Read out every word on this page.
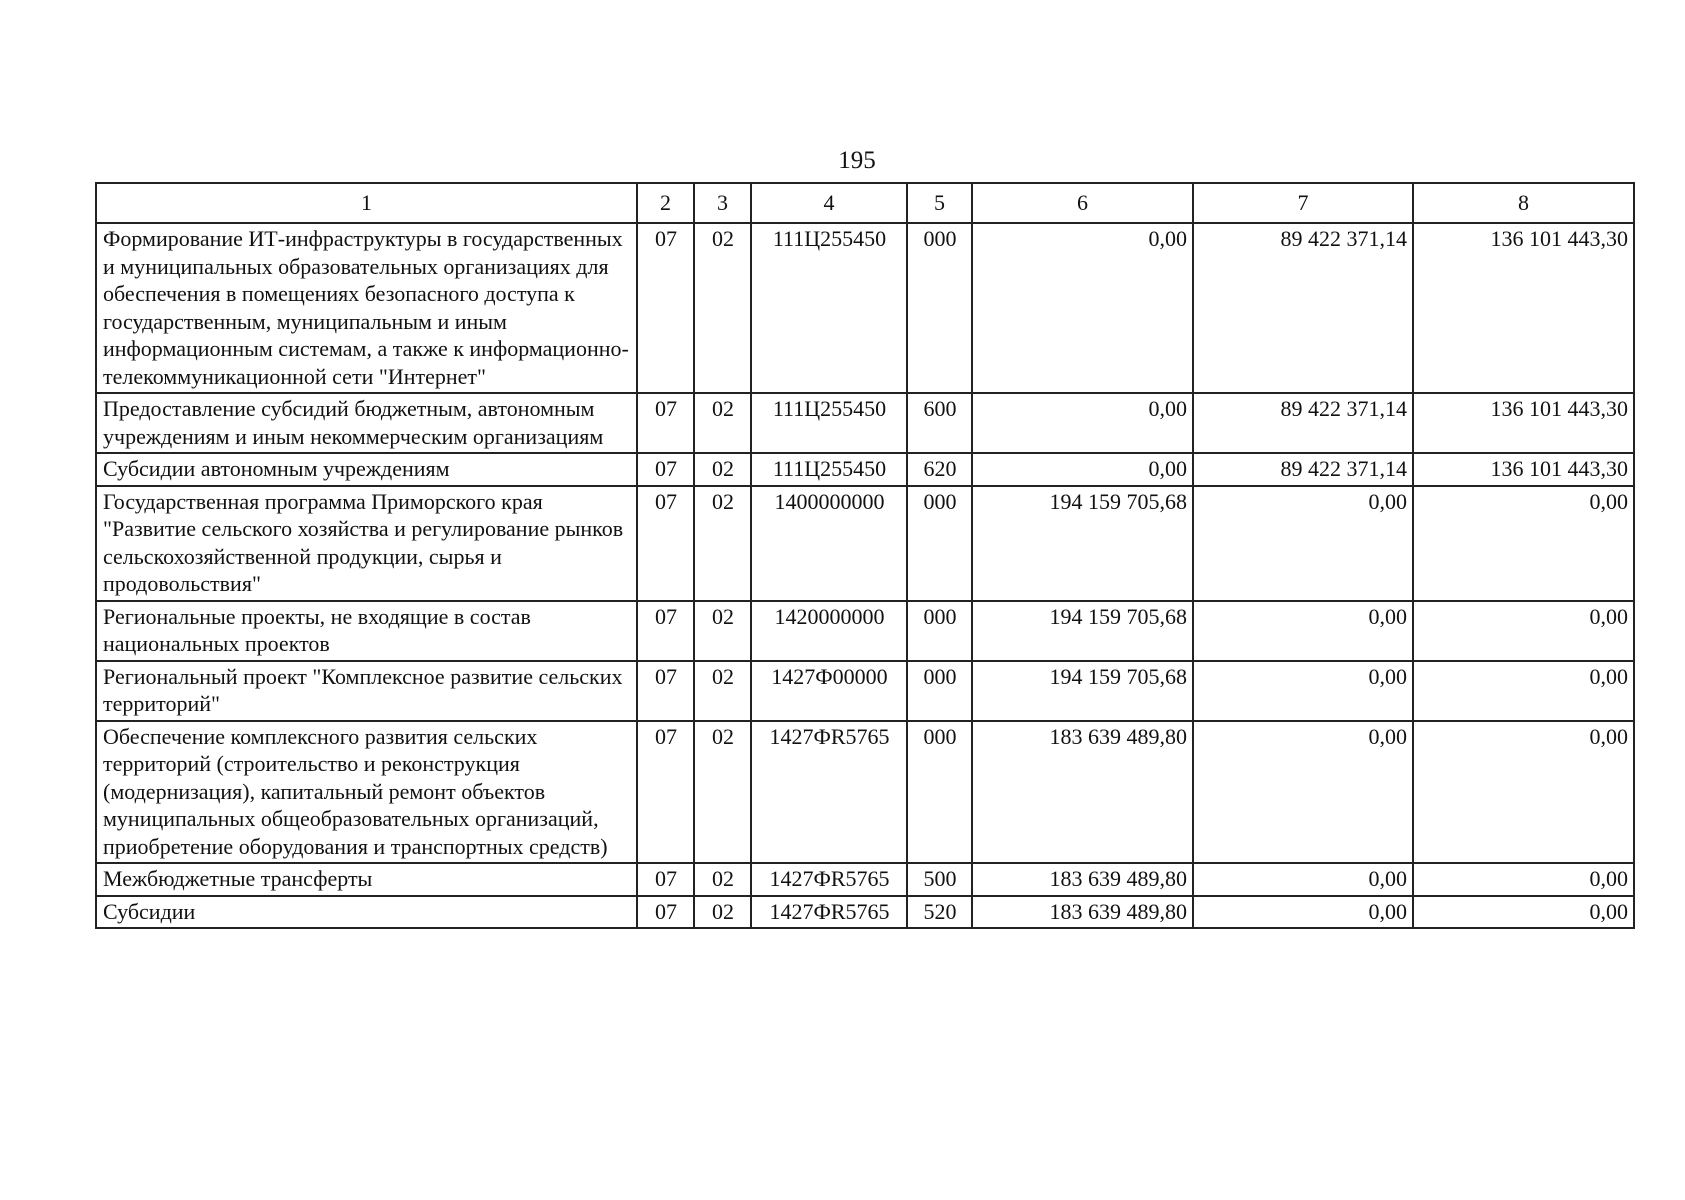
195
1	2	3	4	5	6	7	8
Формирование ИТ-инфраструктуры в государственных и муниципальных образовательных организациях для обеспечения в помещениях безопасного доступа к государственным, муниципальным и иным информационным системам, а также к информационно-телекоммуникационной сети "Интернет"	07	02	111Ц255450	000	0,00	89 422 371,14	136 101 443,30
Предоставление субсидий бюджетным, автономным учреждениям и иным некоммерческим организациям	07	02	111Ц255450	600	0,00	89 422 371,14	136 101 443,30
Субсидии автономным учреждениям	07	02	111Ц255450	620	0,00	89 422 371,14	136 101 443,30
Государственная программа Приморского края "Развитие сельского хозяйства и регулирование рынков сельскохозяйственной продукции, сырья и продовольствия"	07	02	1400000000	000	194 159 705,68	0,00	0,00
Региональные проекты, не входящие в состав национальных проектов	07	02	1420000000	000	194 159 705,68	0,00	0,00
Региональный проект "Комплексное развитие сельских территорий"	07	02	1427Ф00000	000	194 159 705,68	0,00	0,00
Обеспечение комплексного развития сельских территорий (строительство и реконструкция (модернизация), капитальный ремонт объектов муниципальных общеобразовательных организаций, приобретение оборудования и транспортных средств)	07	02	1427ФR5765	000	183 639 489,80	0,00	0,00
Межбюджетные трансферты	07	02	1427ФR5765	500	183 639 489,80	0,00	0,00
Субсидии	07	02	1427ФR5765	520	183 639 489,80	0,00	0,00
